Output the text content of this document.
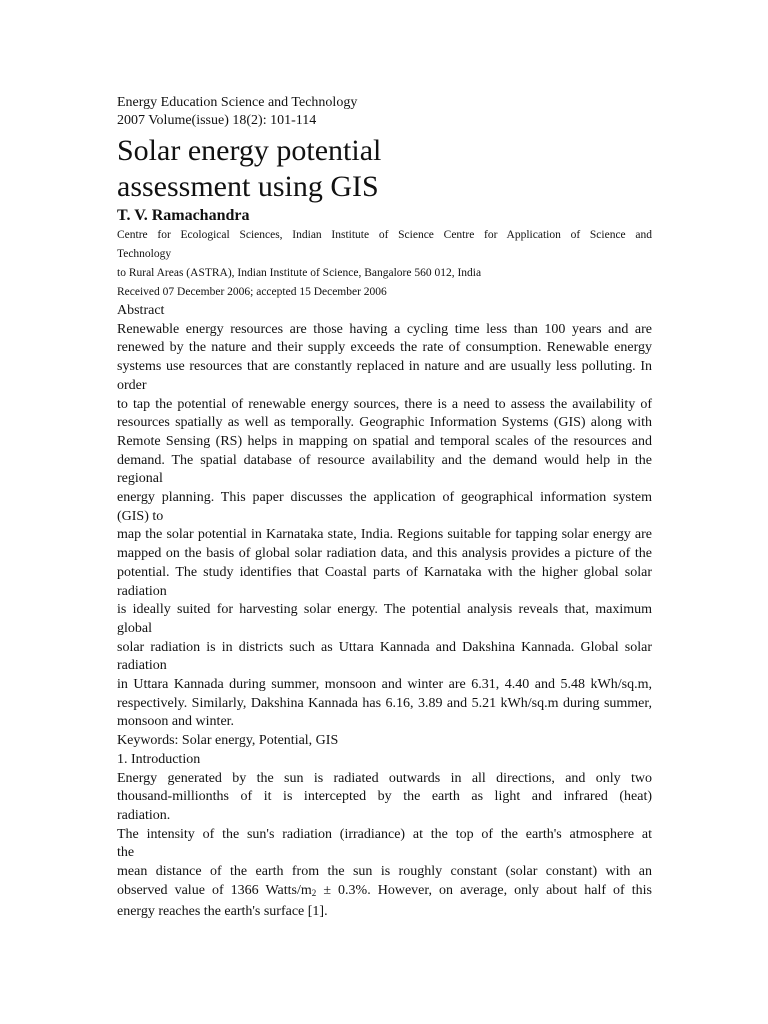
Energy Education Science and Technology
2007 Volume(issue) 18(2): 101-114
Solar energy potential
assessment using GIS
T. V. Ramachandra
Centre for Ecological Sciences, Indian Institute of Science Centre for Application of Science and
Technology
to Rural Areas (ASTRA), Indian Institute of Science, Bangalore 560 012, India
Received 07 December 2006; accepted 15 December 2006
Abstract
Renewable energy resources are those having a cycling time less than 100 years and are
renewed by the nature and their supply exceeds the rate of consumption. Renewable energy
systems use resources that are constantly replaced in nature and are usually less polluting. In
order
to tap the potential of renewable energy sources, there is a need to assess the availability of
resources spatially as well as temporally. Geographic Information Systems (GIS) along with
Remote Sensing (RS) helps in mapping on spatial and temporal scales of the resources and
demand. The spatial database of resource availability and the demand would help in the
regional
energy planning. This paper discusses the application of geographical information system
(GIS) to
map the solar potential in Karnataka state, India. Regions suitable for tapping solar energy are
mapped on the basis of global solar radiation data, and this analysis provides a picture of the
potential. The study identifies that Coastal parts of Karnataka with the higher global solar
radiation
is ideally suited for harvesting solar energy. The potential analysis reveals that, maximum
global
solar radiation is in districts such as Uttara Kannada and Dakshina Kannada. Global solar
radiation
in Uttara Kannada during summer, monsoon and winter are 6.31, 4.40 and 5.48 kWh/sq.m,
respectively. Similarly, Dakshina Kannada has 6.16, 3.89 and 5.21 kWh/sq.m during summer,
monsoon and winter.
Keywords: Solar energy, Potential, GIS
1. Introduction
Energy generated by the sun is radiated outwards in all directions, and only two
thousand-millionths of it is intercepted by the earth as light and infrared (heat)
radiation.
The intensity of the sun's radiation (irradiance) at the top of the earth's atmosphere at
the
mean distance of the earth from the sun is roughly constant (solar constant) with an
observed value of 1366 Watts/$m_2 \pm 0.3\%$. However, on average, only about half of this
energy reaches the earth's surface [1].
